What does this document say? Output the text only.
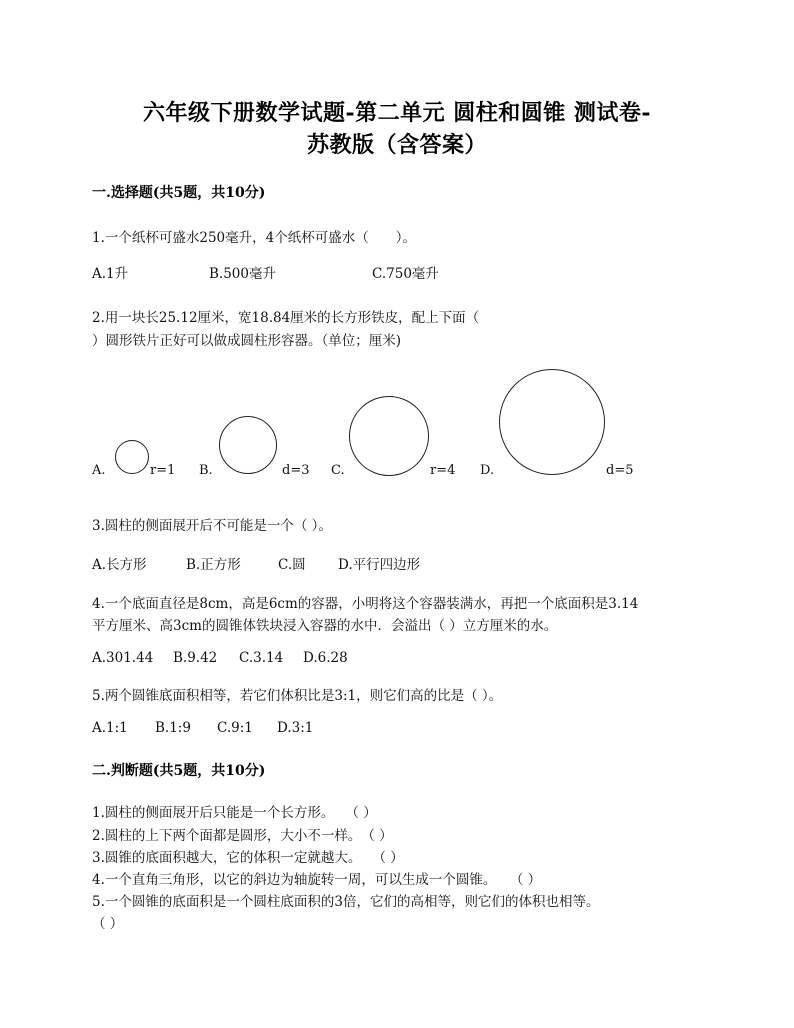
六年级下册数学试题-第二单元 圆柱和圆锥 测试卷-
苏教版（含答案）
一.选择题(共5题，共10分)
1.一个纸杯可盛水250毫升，4个纸杯可盛水（　　）。
A.1升	B.500毫升	C.750毫升
2.用一块长25.12厘米，宽18.84厘米的长方形铁皮，配上下面（
）圆形铁片正好可以做成圆柱形容器。（单位；厘米)
A.	r=1 B.	d=3 C.	r=4 D.	d=5
3.圆柱的侧面展开后不可能是一个（ ）。
A.长方形	B.正方形	C.圆 D.平行四边形
4.一个底面直径是8cm，高是6cm的容器，小明将这个容器装满水，再把一个底面积是3.14
平方厘米、高3cm的圆锥体铁块浸入容器的水中．会溢出（ ）立方厘米的水。
A.301.44 B.9.42 C.3.14 D.6.28
5.两个圆锥底面积相等，若它们体积比是3:1，则它们高的比是（ ）。
A.1:1 B.1:9 C.9:1 D.3:1
二.判断题(共5题，共10分)
1.圆柱的侧面展开后只能是一个长方形。　 （ ）
2.圆柱的上下两个面都是圆形，大小不一样。　（ ）
3.圆锥的底面积越大，它的体积一定就越大。　 （ ）
4.一个直角三角形，以它的斜边为轴旋转一周，可以生成一个圆锥。　　（ ）
5.一个圆锥的底面积是一个圆柱底面积的3倍，它们的高相等，则它们的体积也相等。
（ ）
